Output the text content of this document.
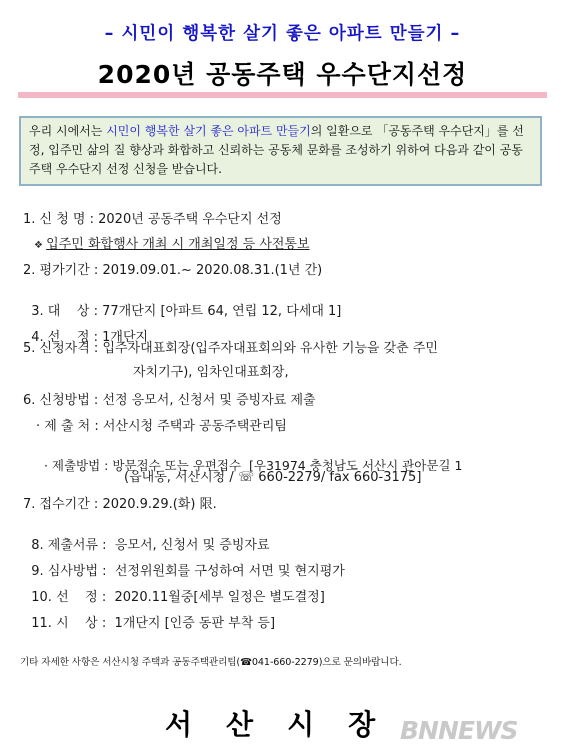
– 시민이 행복한 살기 좋은 아파트 만들기 –
2020년 공동주택 우수단지선정
우리 시에서는 시민이 행복한 살기 좋은 아파트 만들기의 일환으로 「공동주택 우수단지」를 선정, 입주민 삶의 질 향상과 화합하고 신뢰하는 공동체 문화를 조성하기 위하여 다음과 같이 공동주택 우수단지 선정 신청을 받습니다.
1. 신 청 명 : 2020년 공동주택 우수단지 선정
❖ 입주민 화합행사 개최 시 개최일정 등 사전통보
2. 평가기간 : 2019.09.01.~ 2020.08.31.(1년 간)

3. 대    상 : 77개단지 [아파트 64, 연립 12, 다세대 1]

4. 선    정 : 1개단지

5. 신청자격 : 입주자대표회장(입주자대표회의와 유사한 기능을 갖춘 주민
자치기구), 임차인대표회장,
6. 신청방법 : 선정 응모서, 신청서 및 증빙자료 제출
· 제 출 처 : 서산시청 주택과 공동주택관리팀

· 제출방법 : 방문접수 또는 우편접수  [우31974 충청남도 서산시 관아문길 1

(읍내동, 서산시청 / ☏ 660-2279/ fax 660-3175]
7. 접수기간 : 2020.9.29.(화) 限.

8. 제출서류 :  응모서, 신청서 및 증빙자료

9. 심사방법 :  선정위원회를 구성하여 서면 및 현지평가

10. 선    정 :  2020.11월중[세부 일정은 별도결정]

11. 시    상 :  1개단지 [인증 동판 부착 등]

기타 자세한 사항은 서산시청 주택과 공동주택관리팀(☎041-660-2279)으로 문의바랍니다.
서산시장
BNNEWS
